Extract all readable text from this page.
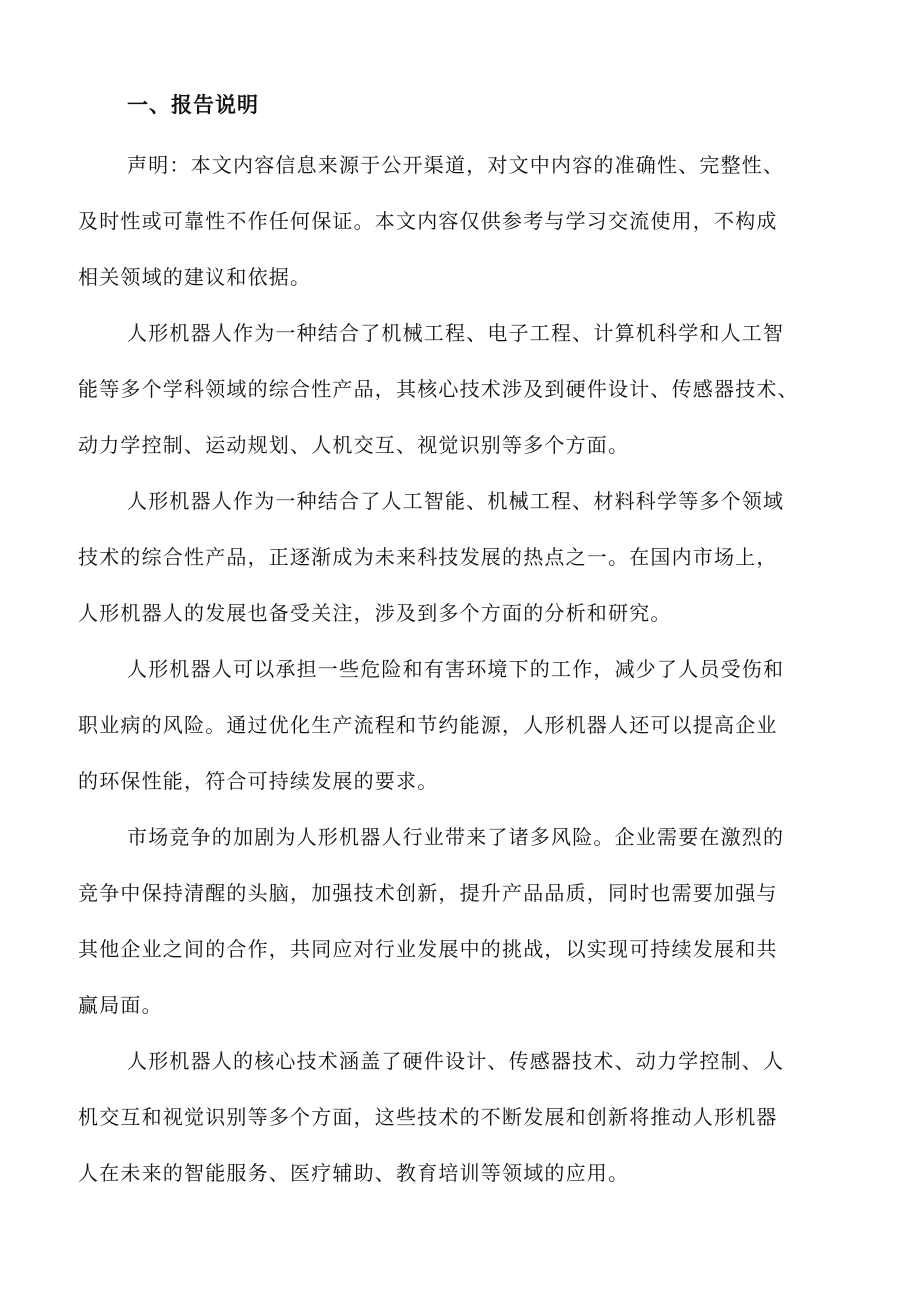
一、报告说明
声明：本文内容信息来源于公开渠道，对文中内容的准确性、完整性、
及时性或可靠性不作任何保证。本文内容仅供参考与学习交流使用，不构成
相关领域的建议和依据。
人形机器人作为一种结合了机械工程、电子工程、计算机科学和人工智
能等多个学科领域的综合性产品，其核心技术涉及到硬件设计、传感器技术、
动力学控制、运动规划、人机交互、视觉识别等多个方面。
人形机器人作为一种结合了人工智能、机械工程、材料科学等多个领域
技术的综合性产品，正逐渐成为未来科技发展的热点之一。在国内市场上，
人形机器人的发展也备受关注，涉及到多个方面的分析和研究。
人形机器人可以承担一些危险和有害环境下的工作，减少了人员受伤和
职业病的风险。通过优化生产流程和节约能源，人形机器人还可以提高企业
的环保性能，符合可持续发展的要求。
市场竞争的加剧为人形机器人行业带来了诸多风险。企业需要在激烈的
竞争中保持清醒的头脑，加强技术创新，提升产品品质，同时也需要加强与
其他企业之间的合作，共同应对行业发展中的挑战，以实现可持续发展和共
赢局面。
人形机器人的核心技术涵盖了硬件设计、传感器技术、动力学控制、人
机交互和视觉识别等多个方面，这些技术的不断发展和创新将推动人形机器
人在未来的智能服务、医疗辅助、教育培训等领域的应用。
